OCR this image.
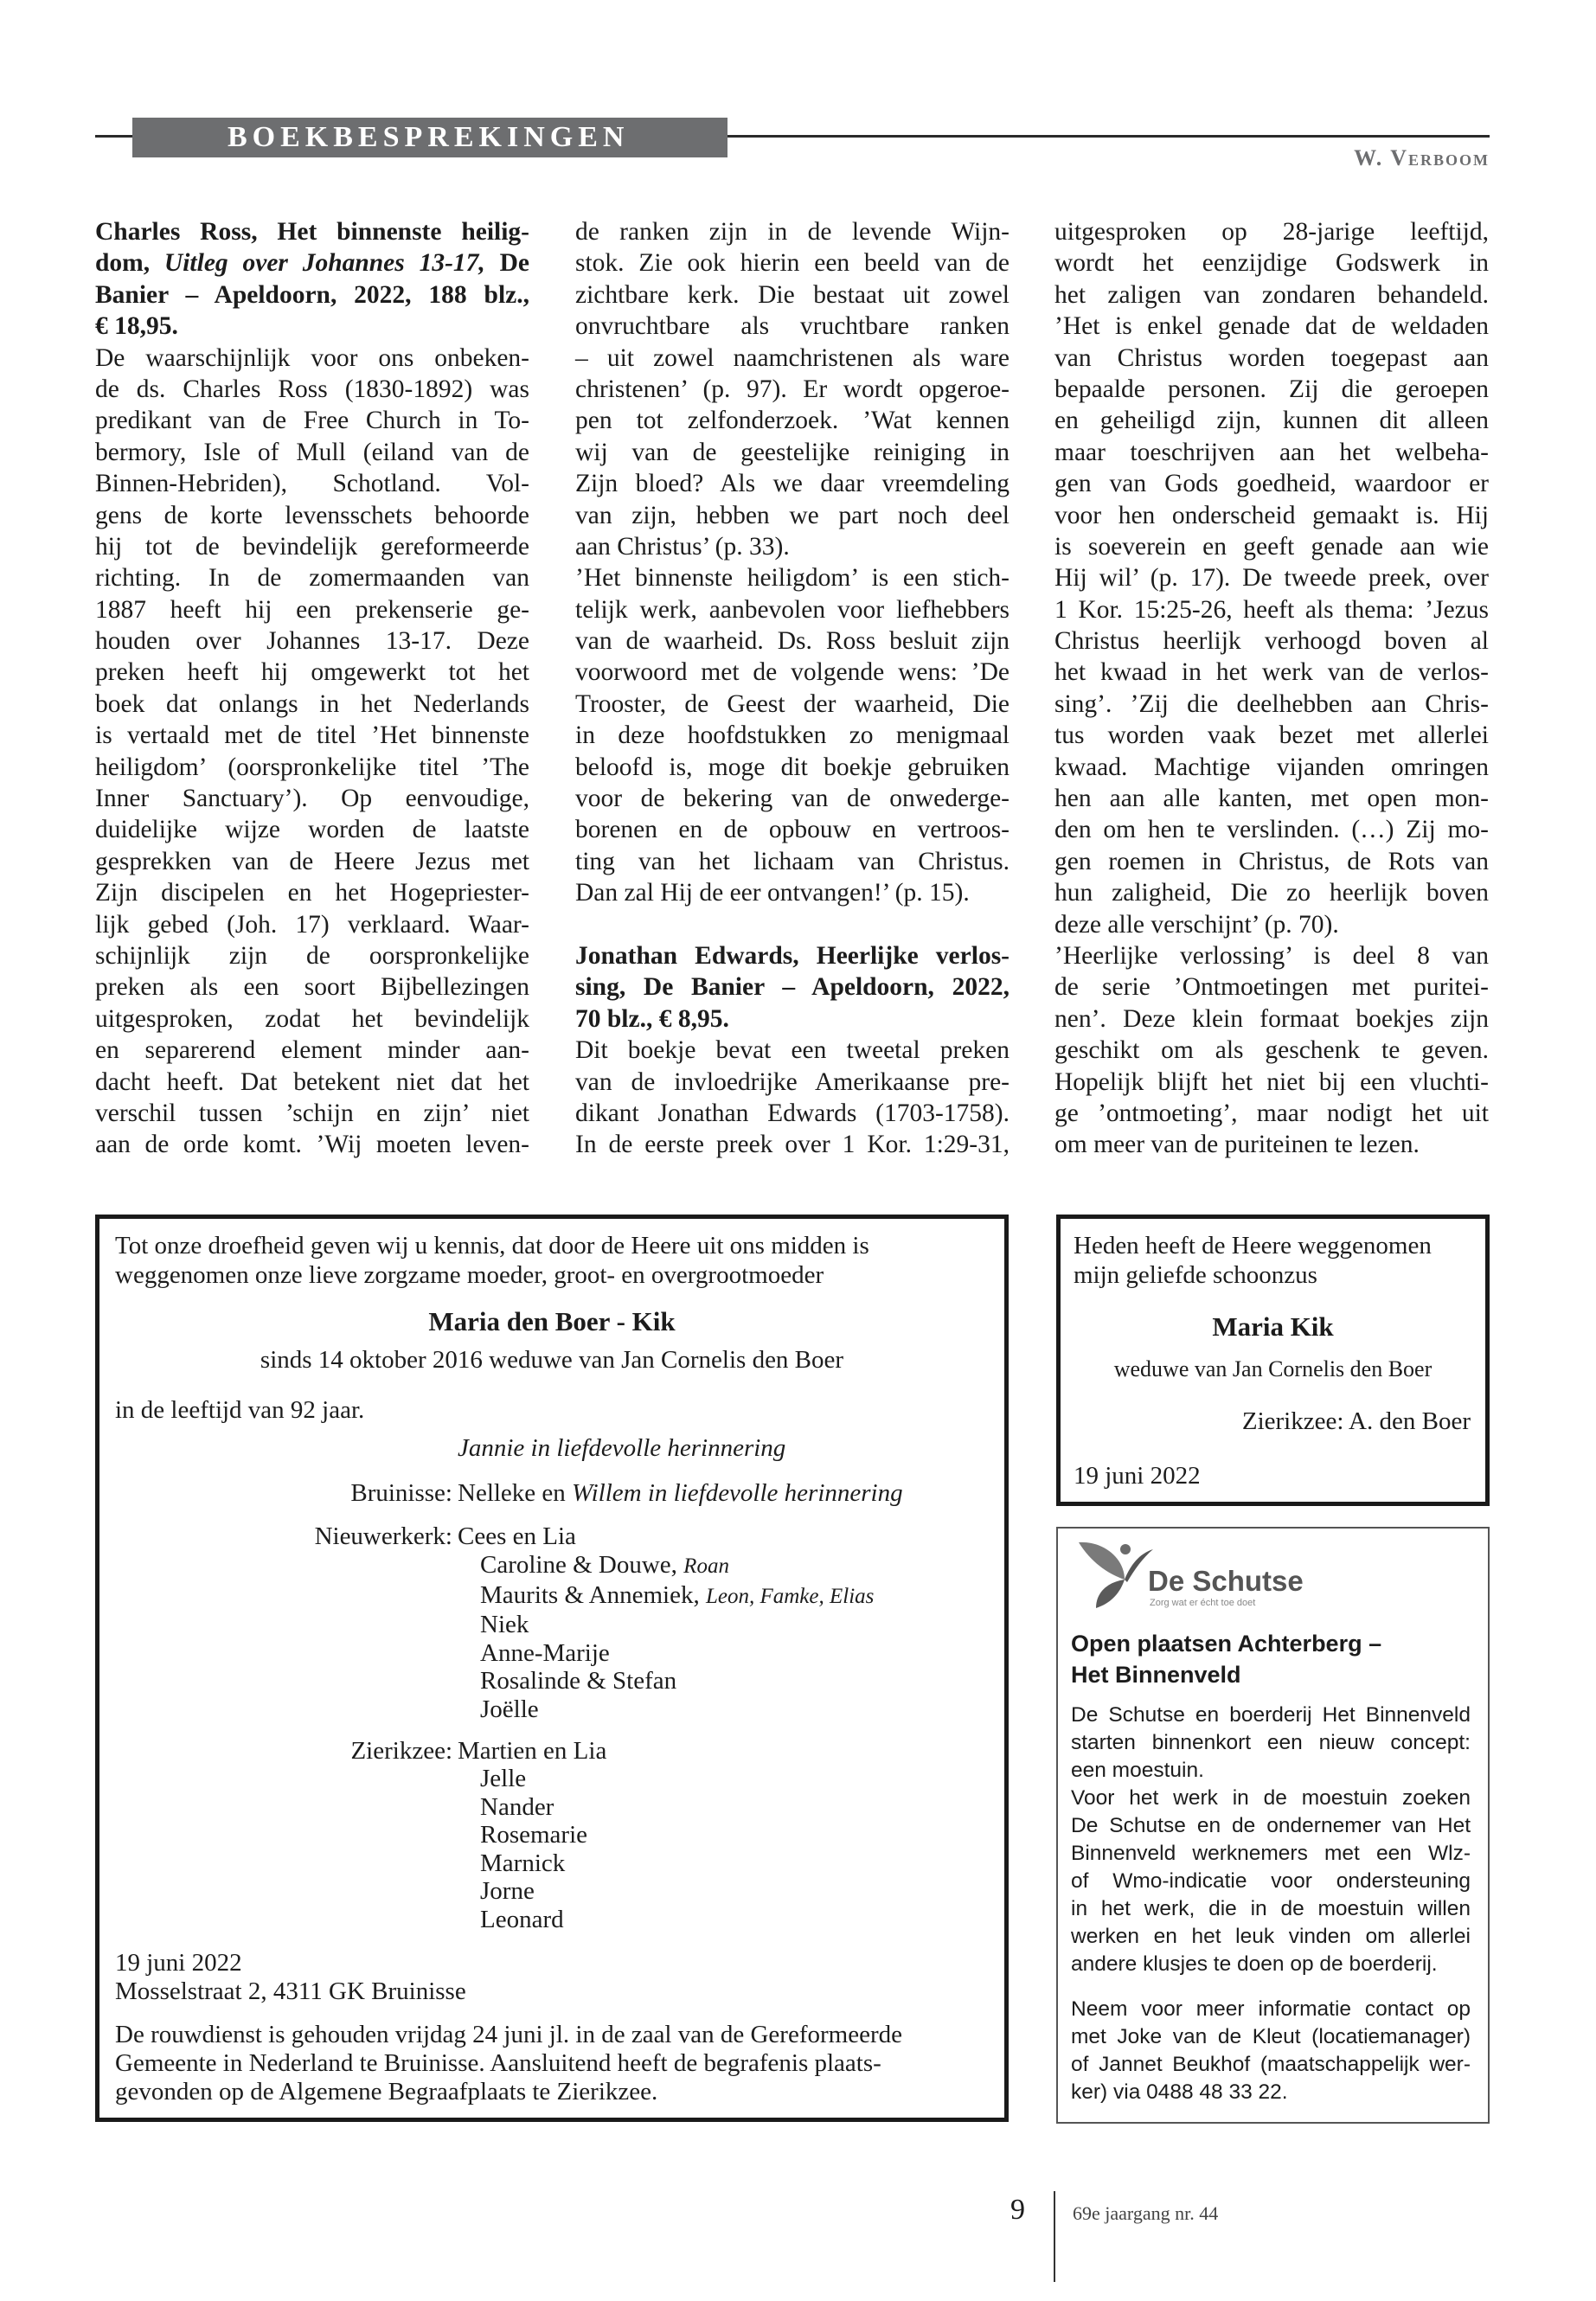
BOEKBESPREKINGEN
W. Verboom
Charles Ross, Het binnenste heilig-
dom, Uitleg over Johannes 13-17, De
Banier – Apeldoorn, 2022, 188 blz.,
€ 18,95.
De waarschijnlijk voor ons onbeken-
de ds. Charles Ross (1830-1892) was
predikant van de Free Church in To-
bermory, Isle of Mull (eiland van de
Binnen-Hebriden), Schotland. Vol-
gens de korte levensschets behoorde
hij tot de bevindelijk gereformeerde
richting. In de zomermaanden van
1887 heeft hij een prekenserie ge-
houden over Johannes 13-17. Deze
preken heeft hij omgewerkt tot het
boek dat onlangs in het Nederlands
is vertaald met de titel ’Het binnenste
heiligdom’ (oorspronkelijke titel ’The
Inner Sanctuary’). Op eenvoudige,
duidelijke wijze worden de laatste
gesprekken van de Heere Jezus met
Zijn discipelen en het Hogepriester-
lijk gebed (Joh. 17) verklaard. Waar-
schijnlijk zijn de oorspronkelijke
preken als een soort Bijbellezingen
uitgesproken, zodat het bevindelijk
en separerend element minder aan-
dacht heeft. Dat betekent niet dat het
verschil tussen ’schijn en zijn’ niet
aan de orde komt. ’Wij moeten leven-
de ranken zijn in de levende Wijn-
stok. Zie ook hierin een beeld van de
zichtbare kerk. Die bestaat uit zowel
onvruchtbare als vruchtbare ranken
– uit zowel naamchristenen als ware
christenen’ (p. 97). Er wordt opgeroe-
pen tot zelfonderzoek. ’Wat kennen
wij van de geestelijke reiniging in
Zijn bloed? Als we daar vreemdeling
van zijn, hebben we part noch deel
aan Christus’ (p. 33).
’Het binnenste heiligdom’ is een stich-
telijk werk, aanbevolen voor liefhebbers
van de waarheid. Ds. Ross besluit zijn
voorwoord met de volgende wens: ’De
Trooster, de Geest der waarheid, Die
in deze hoofdstukken zo menigmaal
beloofd is, moge dit boekje gebruiken
voor de bekering van de onwederge-
borenen en de opbouw en vertroos-
ting van het lichaam van Christus.
Dan zal Hij de eer ontvangen!’ (p. 15).
Jonathan Edwards, Heerlijke verlos-
sing, De Banier – Apeldoorn, 2022,
70 blz., € 8,95.
Dit boekje bevat een tweetal preken
van de invloedrijke Amerikaanse pre-
dikant Jonathan Edwards (1703-1758).
In de eerste preek over 1 Kor. 1:29-31,
uitgesproken op 28-jarige leeftijd,
wordt het eenzijdige Godswerk in
het zaligen van zondaren behandeld.
’Het is enkel genade dat de weldaden
van Christus worden toegepast aan
bepaalde personen. Zij die geroepen
en geheiligd zijn, kunnen dit alleen
maar toeschrijven aan het welbeha-
gen van Gods goedheid, waardoor er
voor hen onderscheid gemaakt is. Hij
is soeverein en geeft genade aan wie
Hij wil’ (p. 17). De tweede preek, over
1 Kor. 15:25-26, heeft als thema: ’Jezus
Christus heerlijk verhoogd boven al
het kwaad in het werk van de verlos-
sing’. ’Zij die deelhebben aan Chris-
tus worden vaak bezet met allerlei
kwaad. Machtige vijanden omringen
hen aan alle kanten, met open mon-
den om hen te verslinden. (…) Zij mo-
gen roemen in Christus, de Rots van
hun zaligheid, Die zo heerlijk boven
deze alle verschijnt’ (p. 70).
’Heerlijke verlossing’ is deel 8 van
de serie ’Ontmoetingen met puritei-
nen’. Deze klein formaat boekjes zijn
geschikt om als geschenk te geven.
Hopelijk blijft het niet bij een vluchti-
ge ’ontmoeting’, maar nodigt het uit
om meer van de puriteinen te lezen.
Tot onze droefheid geven wij u kennis, dat door de Heere uit ons midden is
weggenomen onze lieve zorgzame moeder, groot- en overgrootmoeder
Maria den Boer - Kik
sinds 14 oktober 2016 weduwe van Jan Cornelis den Boer
in de leeftijd van 92 jaar.
Jannie in liefdevolle herinnering
Bruinisse: Nelleke en Willem in liefdevolle herinnering
Nieuwerkerk: Cees en Lia
Caroline & Douwe, Roan
Maurits & Annemiek, Leon, Famke, Elias
Niek
Anne-Marije
Rosalinde & Stefan
Joëlle
Zierikzee: Martien en Lia
Jelle
Nander
Rosemarie
Marnick
Jorne
Leonard
19 juni 2022
Mosselstraat 2, 4311 GK Bruinisse
De rouwdienst is gehouden vrijdag 24 juni jl. in de zaal van de Gereformeerde
Gemeente in Nederland te Bruinisse. Aansluitend heeft de begrafenis plaats-
gevonden op de Algemene Begraafplaats te Zierikzee.
Heden heeft de Heere weggenomen
mijn geliefde schoonzus
Maria Kik
weduwe van Jan Cornelis den Boer
Zierikzee: A. den Boer
19 juni 2022
De Schutse
Zorg wat er écht toe doet
Open plaatsen Achterberg –
Het Binnenveld
De Schutse en boerderij Het Binnenveld
starten binnenkort een nieuw concept:
een moestuin.
Voor het werk in de moestuin zoeken
De Schutse en de ondernemer van Het
Binnenveld werknemers met een Wlz-
of Wmo-indicatie voor ondersteuning
in het werk, die in de moestuin willen
werken en het leuk vinden om allerlei
andere klusjes te doen op de boerderij.
Neem voor meer informatie contact op
met Joke van de Kleut (locatiemanager)
of Jannet Beukhof (maatschappelijk wer-
ker) via 0488 48 33 22.
9	69e jaargang nr. 44
